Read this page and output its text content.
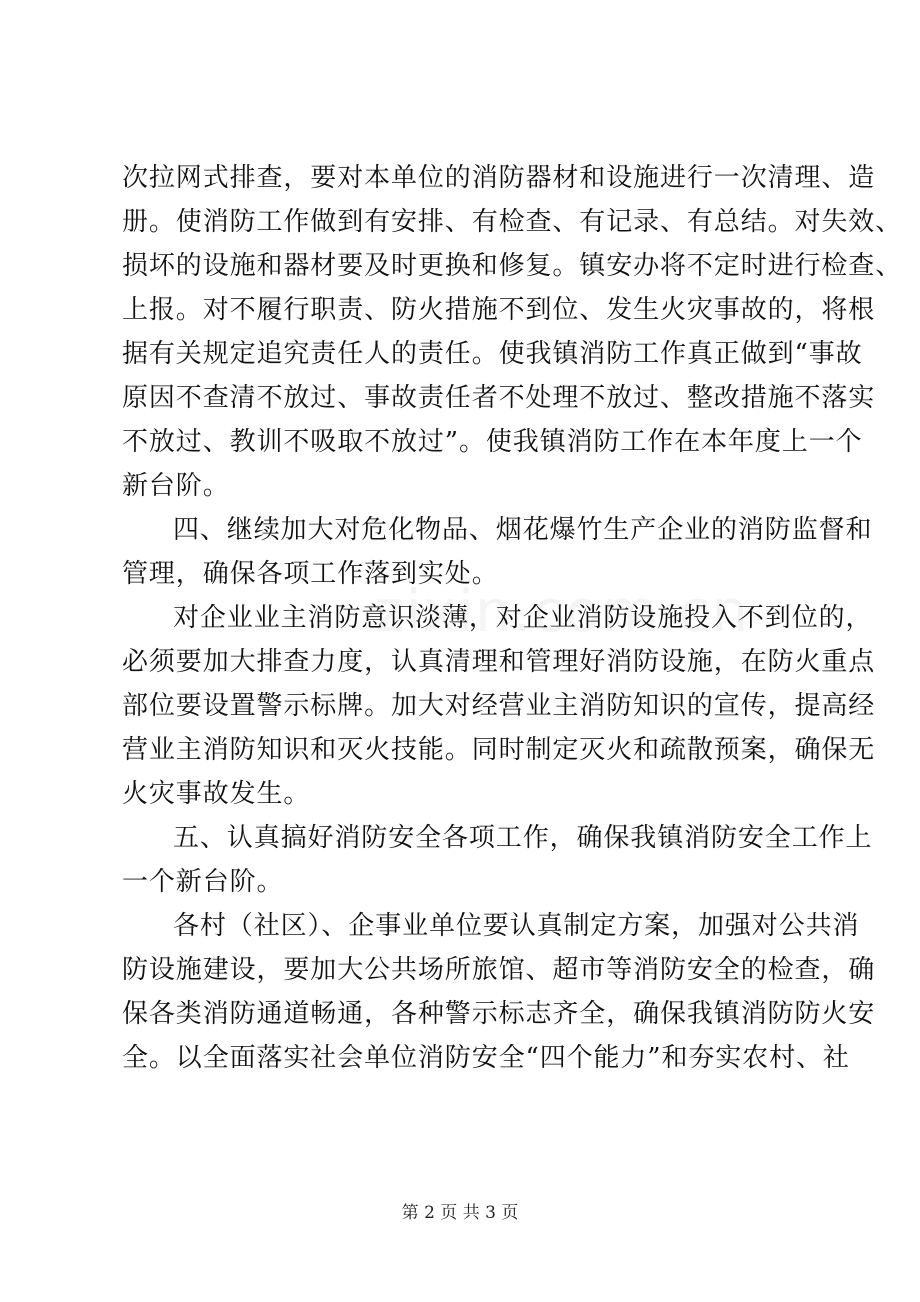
次拉网式排查，要对本单位的消防器材和设施进行一次清理、造
册。使消防工作做到有安排、有检查、有记录、有总结。对失效、
损坏的设施和器材要及时更换和修复。镇安办将不定时进行检查、
上报。对不履行职责、防火措施不到位、发生火灾事故的，将根
据有关规定追究责任人的责任。使我镇消防工作真正做到“事故
原因不查清不放过、事故责任者不处理不放过、整改措施不落实
不放过、教训不吸取不放过”。使我镇消防工作在本年度上一个
新台阶。
四、继续加大对危化物品、烟花爆竹生产企业的消防监督和
管理，确保各项工作落到实处。
对企业业主消防意识淡薄，对企业消防设施投入不到位的，
必须要加大排查力度，认真清理和管理好消防设施，在防火重点
部位要设置警示标牌。加大对经营业主消防知识的宣传，提高经
营业主消防知识和灭火技能。同时制定灭火和疏散预案，确保无
火灾事故发生。
五、认真搞好消防安全各项工作，确保我镇消防安全工作上
一个新台阶。
各村（社区）、企事业单位要认真制定方案，加强对公共消
防设施建设，要加大公共场所旅馆、超市等消防安全的检查，确
保各类消防通道畅通，各种警示标志齐全，确保我镇消防防火安
全。以全面落实社会单位消防安全“四个能力”和夯实农村、社
第 2 页 共 3 页
